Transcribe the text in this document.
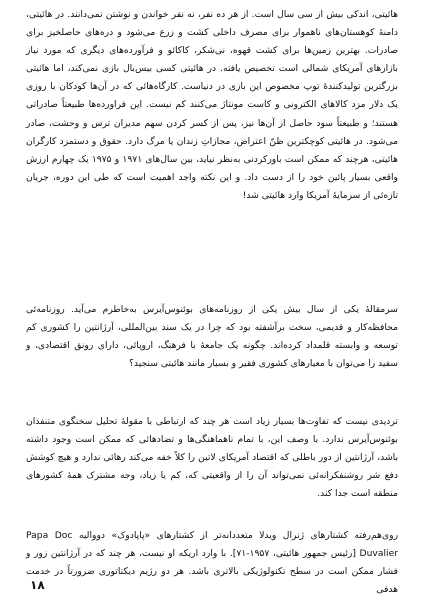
هائیتی، اندکی بیش از سی سال است. از هر ده نفر، نه نفر خواندن و نوشتن نمی‌دانند. در هائیتی، دامنهٔ کوهستان‌های ناهموار برای مصرف داخلی کشت و زرع می‌شود و دره‌های حاصلخیز برای صادرات. بهترین زمین‌ها برای کشت قهوه، نی‌شکر، کاکائو و فرآورده‌های دیگری که مورد نیاز بازارهای آمریکای شمالی است تخصیص یافته. در هائیتی کسی بیس‌بال بازی نمی‌کند، اما هائیتی بزرگترین تولیدکنندهٔ توپ مخصوص این بازی در دنیاست. کارگاه‌هائی که در آن‌ها کودکان با روزی یک دلار مزد کالاهای الکترونی و کاست مونتاژ می‌کنند کم نیست. این فراورده‌ها طبیعتاً صادراتی هستند؛ و طبیعتاً سود حاصل از آن‌ها نیز، پس از کسر کردن سهم مدیران ترس و وحشت، صادر می‌شود. در هائیتی کوچکترین ظنّ اعتراض، مجازاتِ زندان یا مرگ دارد. حقوق و دستمزد کارگران هائیتی، هرچند که ممکن است باورکردنی به‌نظر نیاید، بین سال‌های ۱۹۷۱ و ۱۹۷۵ یک چهارم ارزش واقعی بسیار پائین خود را از دست داد. و این نکته واجد اهمیت است که طی این دوره، جریان تازه‌ئی از سرمایهٔ آمریکا وارد هائیتی شد!

سرمقالهٔ یکی از سال بیش یکی از روزنامه‌های بوئنوس‌آیرس به‌خاطرم می‌آید. روزنامه‌ئی محافظه‌کار و قدیمی، سخت برآشفته بود که چرا در یک سند بین‌المللی، آرژانتین را کشوری کم توسعه و وابسته قلمداد کرده‌اند. چگونه یک جامعهٔ با فرهنگ، اروپائی، دارای رونق اقتصادی، و سفید را می‌توان با معیارهای کشوری فقیر و بسیار مانند هائیتی سنجید؟

تردیدی نیست که تفاوت‌ها بسیار زیاد است هر چند که ارتباطی با مقولهٔ تحلیل سخنگوی متنفذان بوئنوس‌آیرس ندارد. با وصف این، با تمام ناهماهنگی‌ها و تضادهائی که ممکن است وجود داشته باشد، آرژانتین از دور باطلی که اقتصاد آمریکای لاتین را کلاً خفه می‌کند رهائی ندارد و هیچ کوشش دفع شر روشنفکرانه‌ئی نمی‌تواند آن را از واقعیتی که، کم یا زیاد، وجه مشترک همهٔ کشورهای منطقه است جدا کند.

روی‌هم‌رفته کشتارهای ژنرال ویدلا متعددانه‌تر از کشتارهای «پاپادوک» دووالیه Papa Doc Duvalier [رئیس جمهور هائیتی، ۱۹۵۷-۷۱]. با وارد اریکه او نیست، هر چند که در آرژانتین زور و فشار ممکن است در سطح تکنولوژیکی بالاتری باشد. هر دو رژیم دیکتاتوری ضرورتاً در خدمت هدفی

۱۸
